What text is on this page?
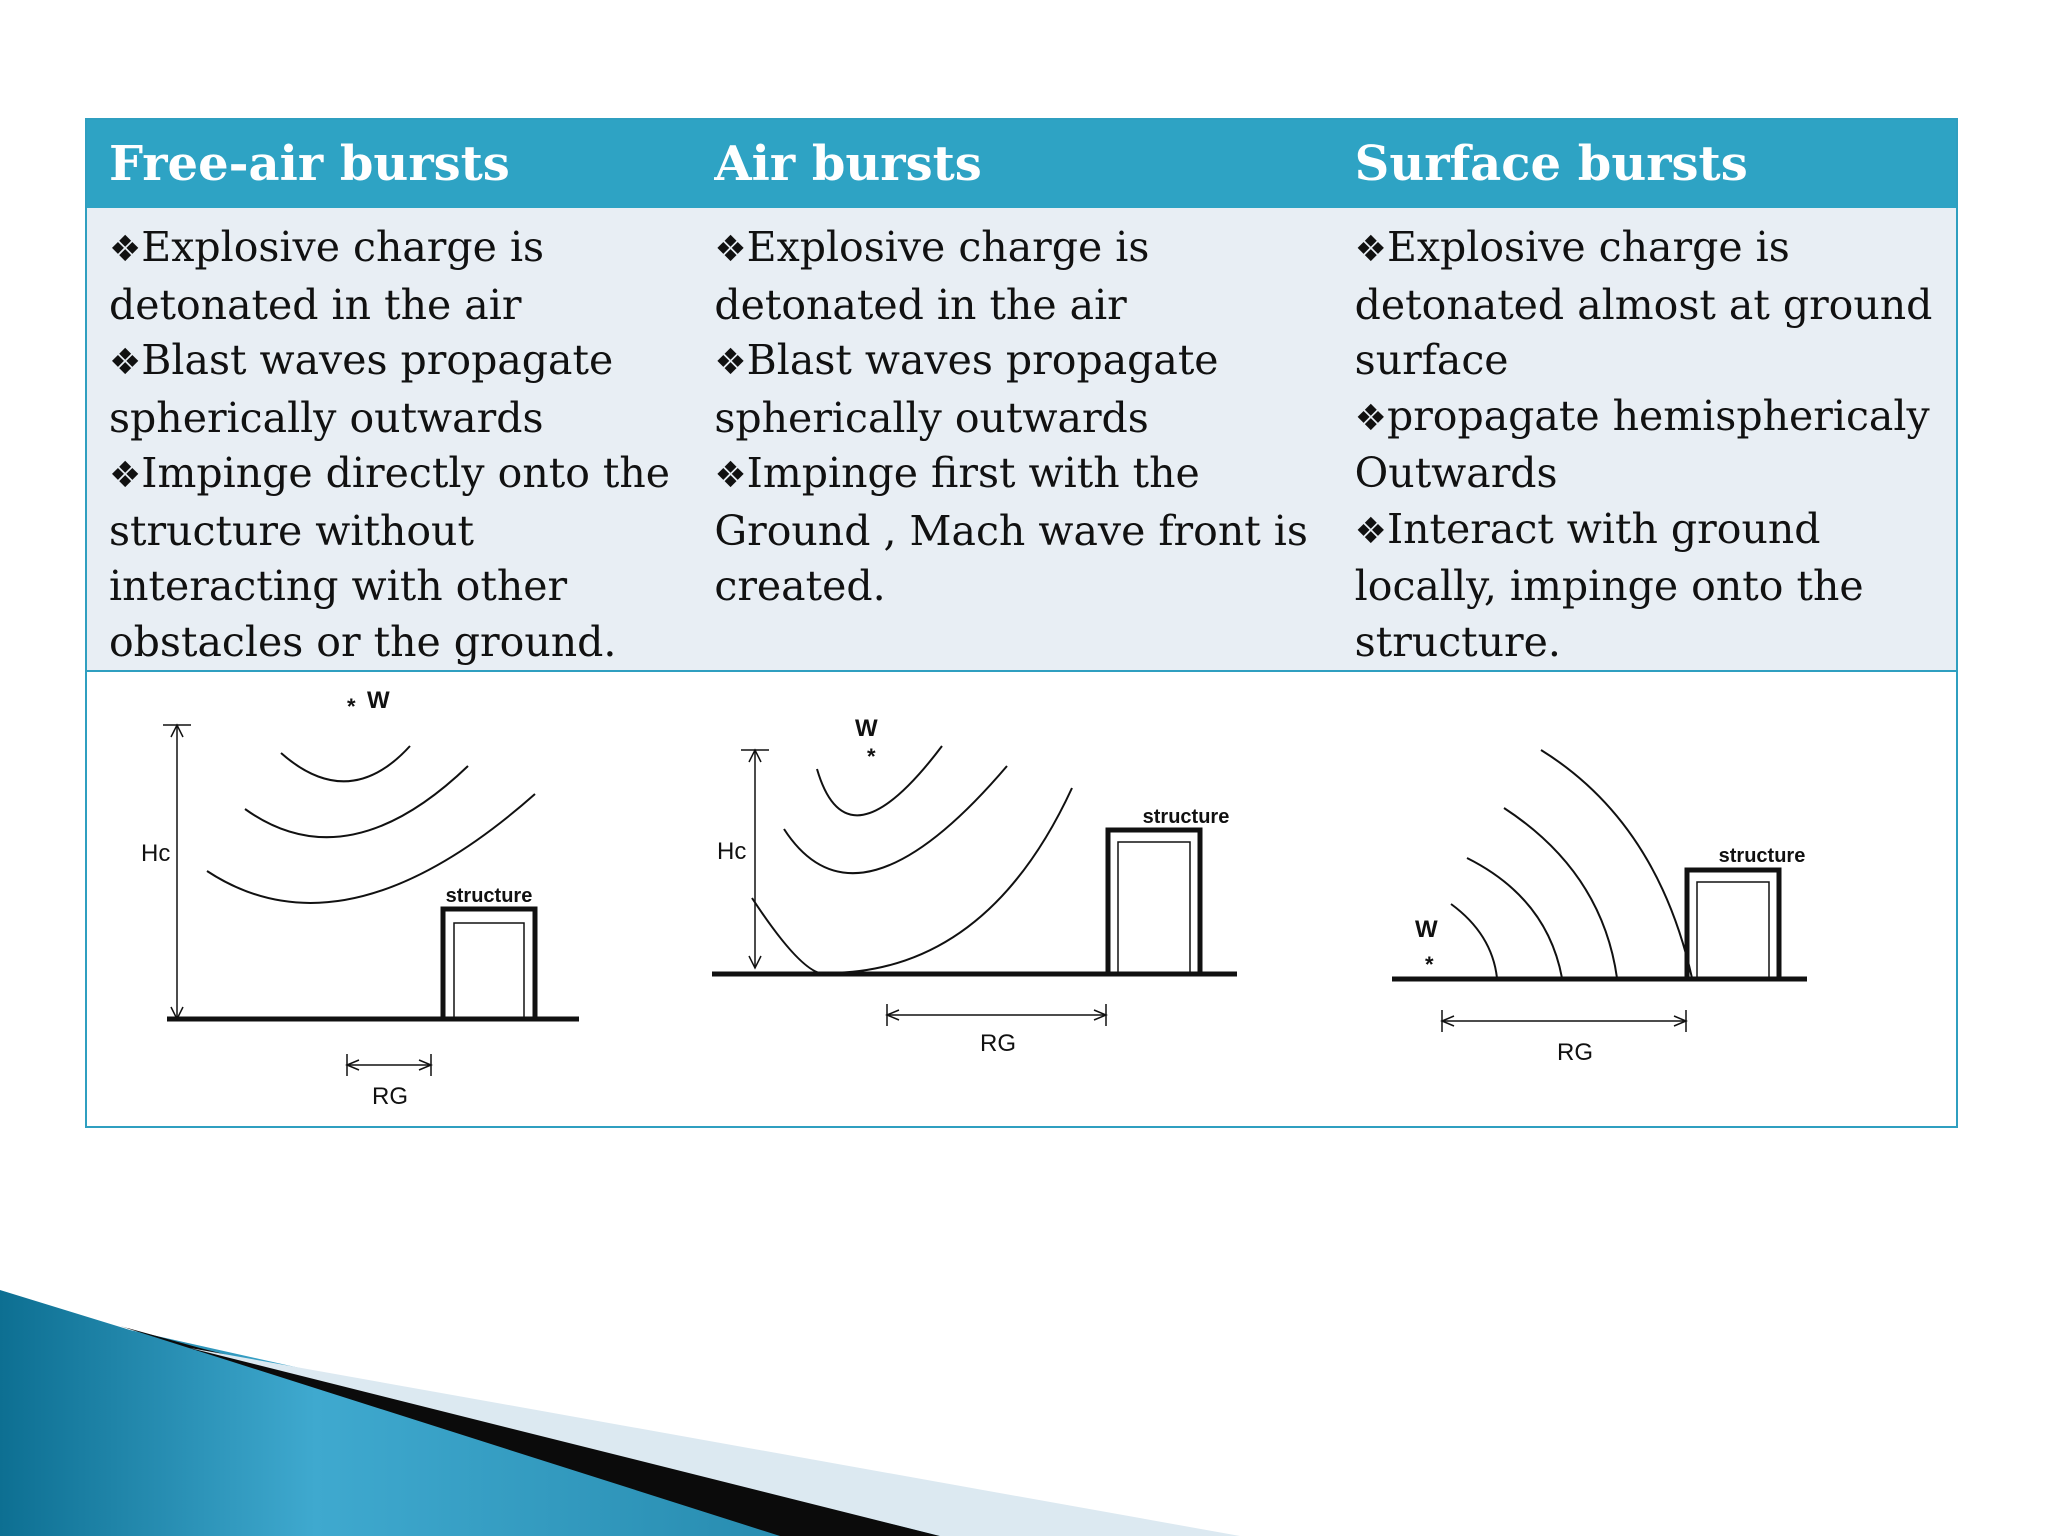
Free-air bursts	Air bursts	Surface bursts
❖Explosive charge is detonated in the air
❖Blast waves propagate spherically outwards
❖Impinge directly onto the structure without interacting with other obstacles or the ground.
❖Explosive charge is detonated in the air
❖Blast waves propagate spherically outwards
❖Impinge first with the Ground , Mach wave front is created.
❖Explosive charge is detonated almost at ground surface
❖propagate hemisphericaly Outwards
❖Interact with ground locally, impinge onto the structure.
Hc
* W
structure
RG
Hc
W
*
structure
RG
W
*
structure
RG
